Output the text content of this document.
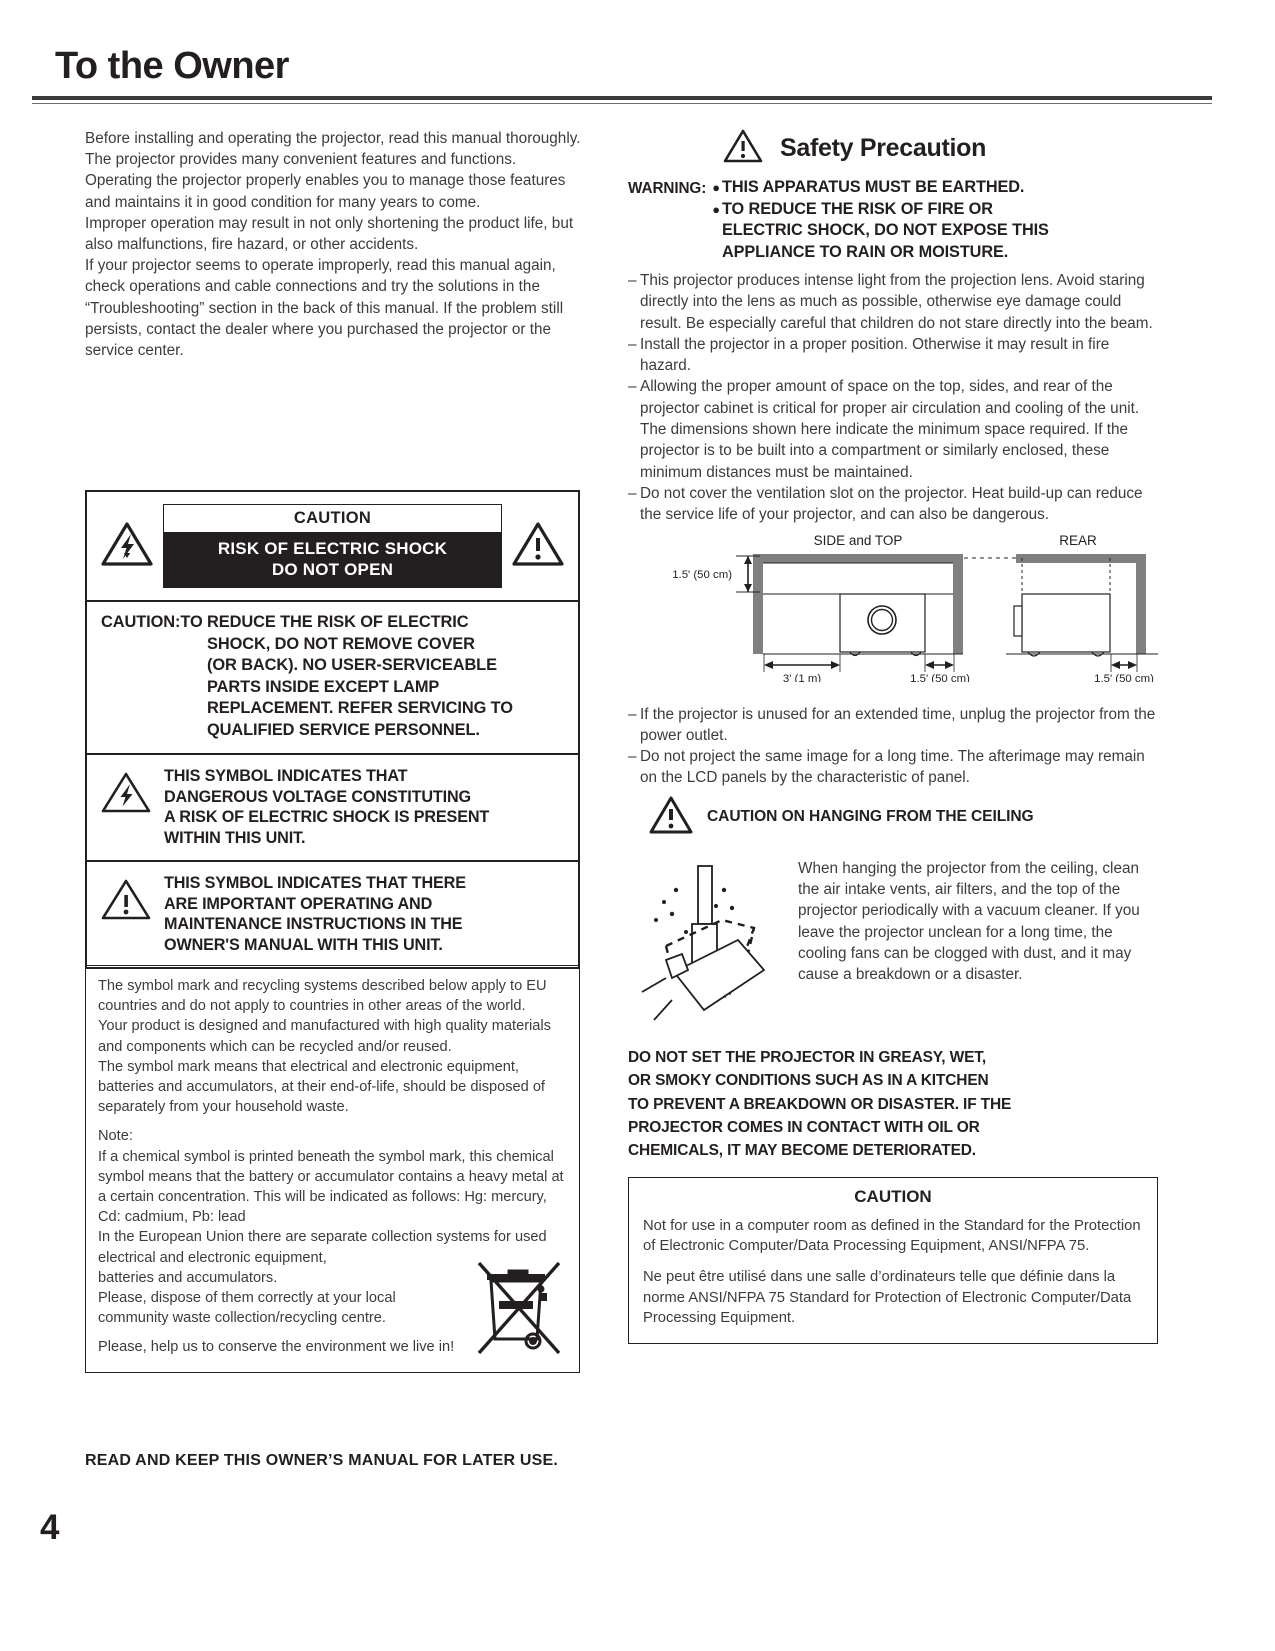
To the Owner

Before installing and operating the projector, read this manual thoroughly.

The projector provides many convenient features and functions. Operating the projector properly enables you to manage those features and maintains it in good condition for many years to come.

Improper operation may result in not only shortening the product life, but also malfunctions, fire hazard, or other accidents.

If your projector seems to operate improperly, read this manual again, check operations and cable connections and try the solutions in the “Troubleshooting” section in the back of this manual. If the problem still persists, contact the dealer where you purchased the projector or the service center.

CAUTION
RISK OF ELECTRIC SHOCK
DO NOT OPEN
CAUTION:TO REDUCE THE RISK OF ELECTRIC
SHOCK, DO NOT REMOVE COVER
(OR BACK). NO USER-SERVICEABLE
PARTS INSIDE EXCEPT LAMP
REPLACEMENT. REFER SERVICING TO
QUALIFIED SERVICE PERSONNEL.
THIS SYMBOL INDICATES THAT
DANGEROUS VOLTAGE CONSTITUTING
A RISK OF ELECTRIC SHOCK IS PRESENT
WITHIN THIS UNIT.
THIS SYMBOL INDICATES THAT THERE
ARE IMPORTANT OPERATING AND
MAINTENANCE INSTRUCTIONS IN THE
OWNER'S MANUAL WITH THIS UNIT.

The symbol mark and recycling systems described below apply to EU countries and do not apply to countries in other areas of the world.

Your product is designed and manufactured with high quality materials and components which can be recycled and/or reused.

The symbol mark means that electrical and electronic equipment, batteries and accumulators, at their end-of-life, should be disposed of separately from your household waste.

Note:

If a chemical symbol is printed beneath the symbol mark, this chemical symbol means that the battery or accumulator contains a heavy metal at a certain concentration. This will be indicated as follows: Hg: mercury, Cd: cadmium, Pb: lead

In the European Union there are separate collection systems for used electrical and electronic equipment,

batteries and accumulators.

Please, dispose of them correctly at your local community waste collection/recycling centre.

Please, help us to conserve the environment we live in!

READ AND KEEP THIS OWNER’S MANUAL FOR LATER USE.
4
Safety Precaution
WARNING: ● THIS APPARATUS MUST BE EARTHED.
● TO REDUCE THE RISK OF FIRE OR
ELECTRIC SHOCK, DO NOT EXPOSE THIS
APPLIANCE TO RAIN OR MOISTURE.
– This projector produces intense light from the projection lens. Avoid staring directly into the lens as much as possible, otherwise eye damage could result. Be especially careful that children do not stare directly into the beam.
– Install the projector in a proper position. Otherwise it may result in fire hazard.
– Allowing the proper amount of space on the top, sides, and rear of the projector cabinet is critical for proper air circulation and cooling of the unit. The dimensions shown here indicate the minimum space required. If the projector is to be built into a compartment or similarly enclosed, these minimum distances must be maintained.
– Do not cover the ventilation slot on the projector. Heat build-up can reduce the service life of your projector, and can also be dangerous.
SIDE and TOP	REAR
1.5' (50 cm)
3' (1 m)	1.5' (50 cm)	1.5' (50 cm)
– If the projector is unused for an extended time, unplug the projector from the power outlet.
– Do not project the same image for a long time. The afterimage may remain on the LCD panels by the characteristic of panel.
CAUTION ON HANGING FROM THE CEILING
When hanging the projector from the ceiling, clean the air intake vents, air filters, and the top of the projector periodically with a vacuum cleaner. If you leave the projector unclean for a long time, the cooling fans can be clogged with dust, and it may cause a breakdown or a disaster.
DO NOT SET THE PROJECTOR IN GREASY, WET,
OR SMOKY CONDITIONS SUCH AS IN A KITCHEN
TO PREVENT A BREAKDOWN OR DISASTER. IF THE
PROJECTOR COMES IN CONTACT WITH OIL OR
CHEMICALS, IT MAY BECOME DETERIORATED.
CAUTION

Not for use in a computer room as defined in the Standard for the Protection of Electronic Computer/Data Processing Equipment, ANSI/NFPA 75.

Ne peut être utilisé dans une salle d’ordinateurs telle que définie dans la norme ANSI/NFPA 75 Standard for Protection of Electronic Computer/Data Processing Equipment.
